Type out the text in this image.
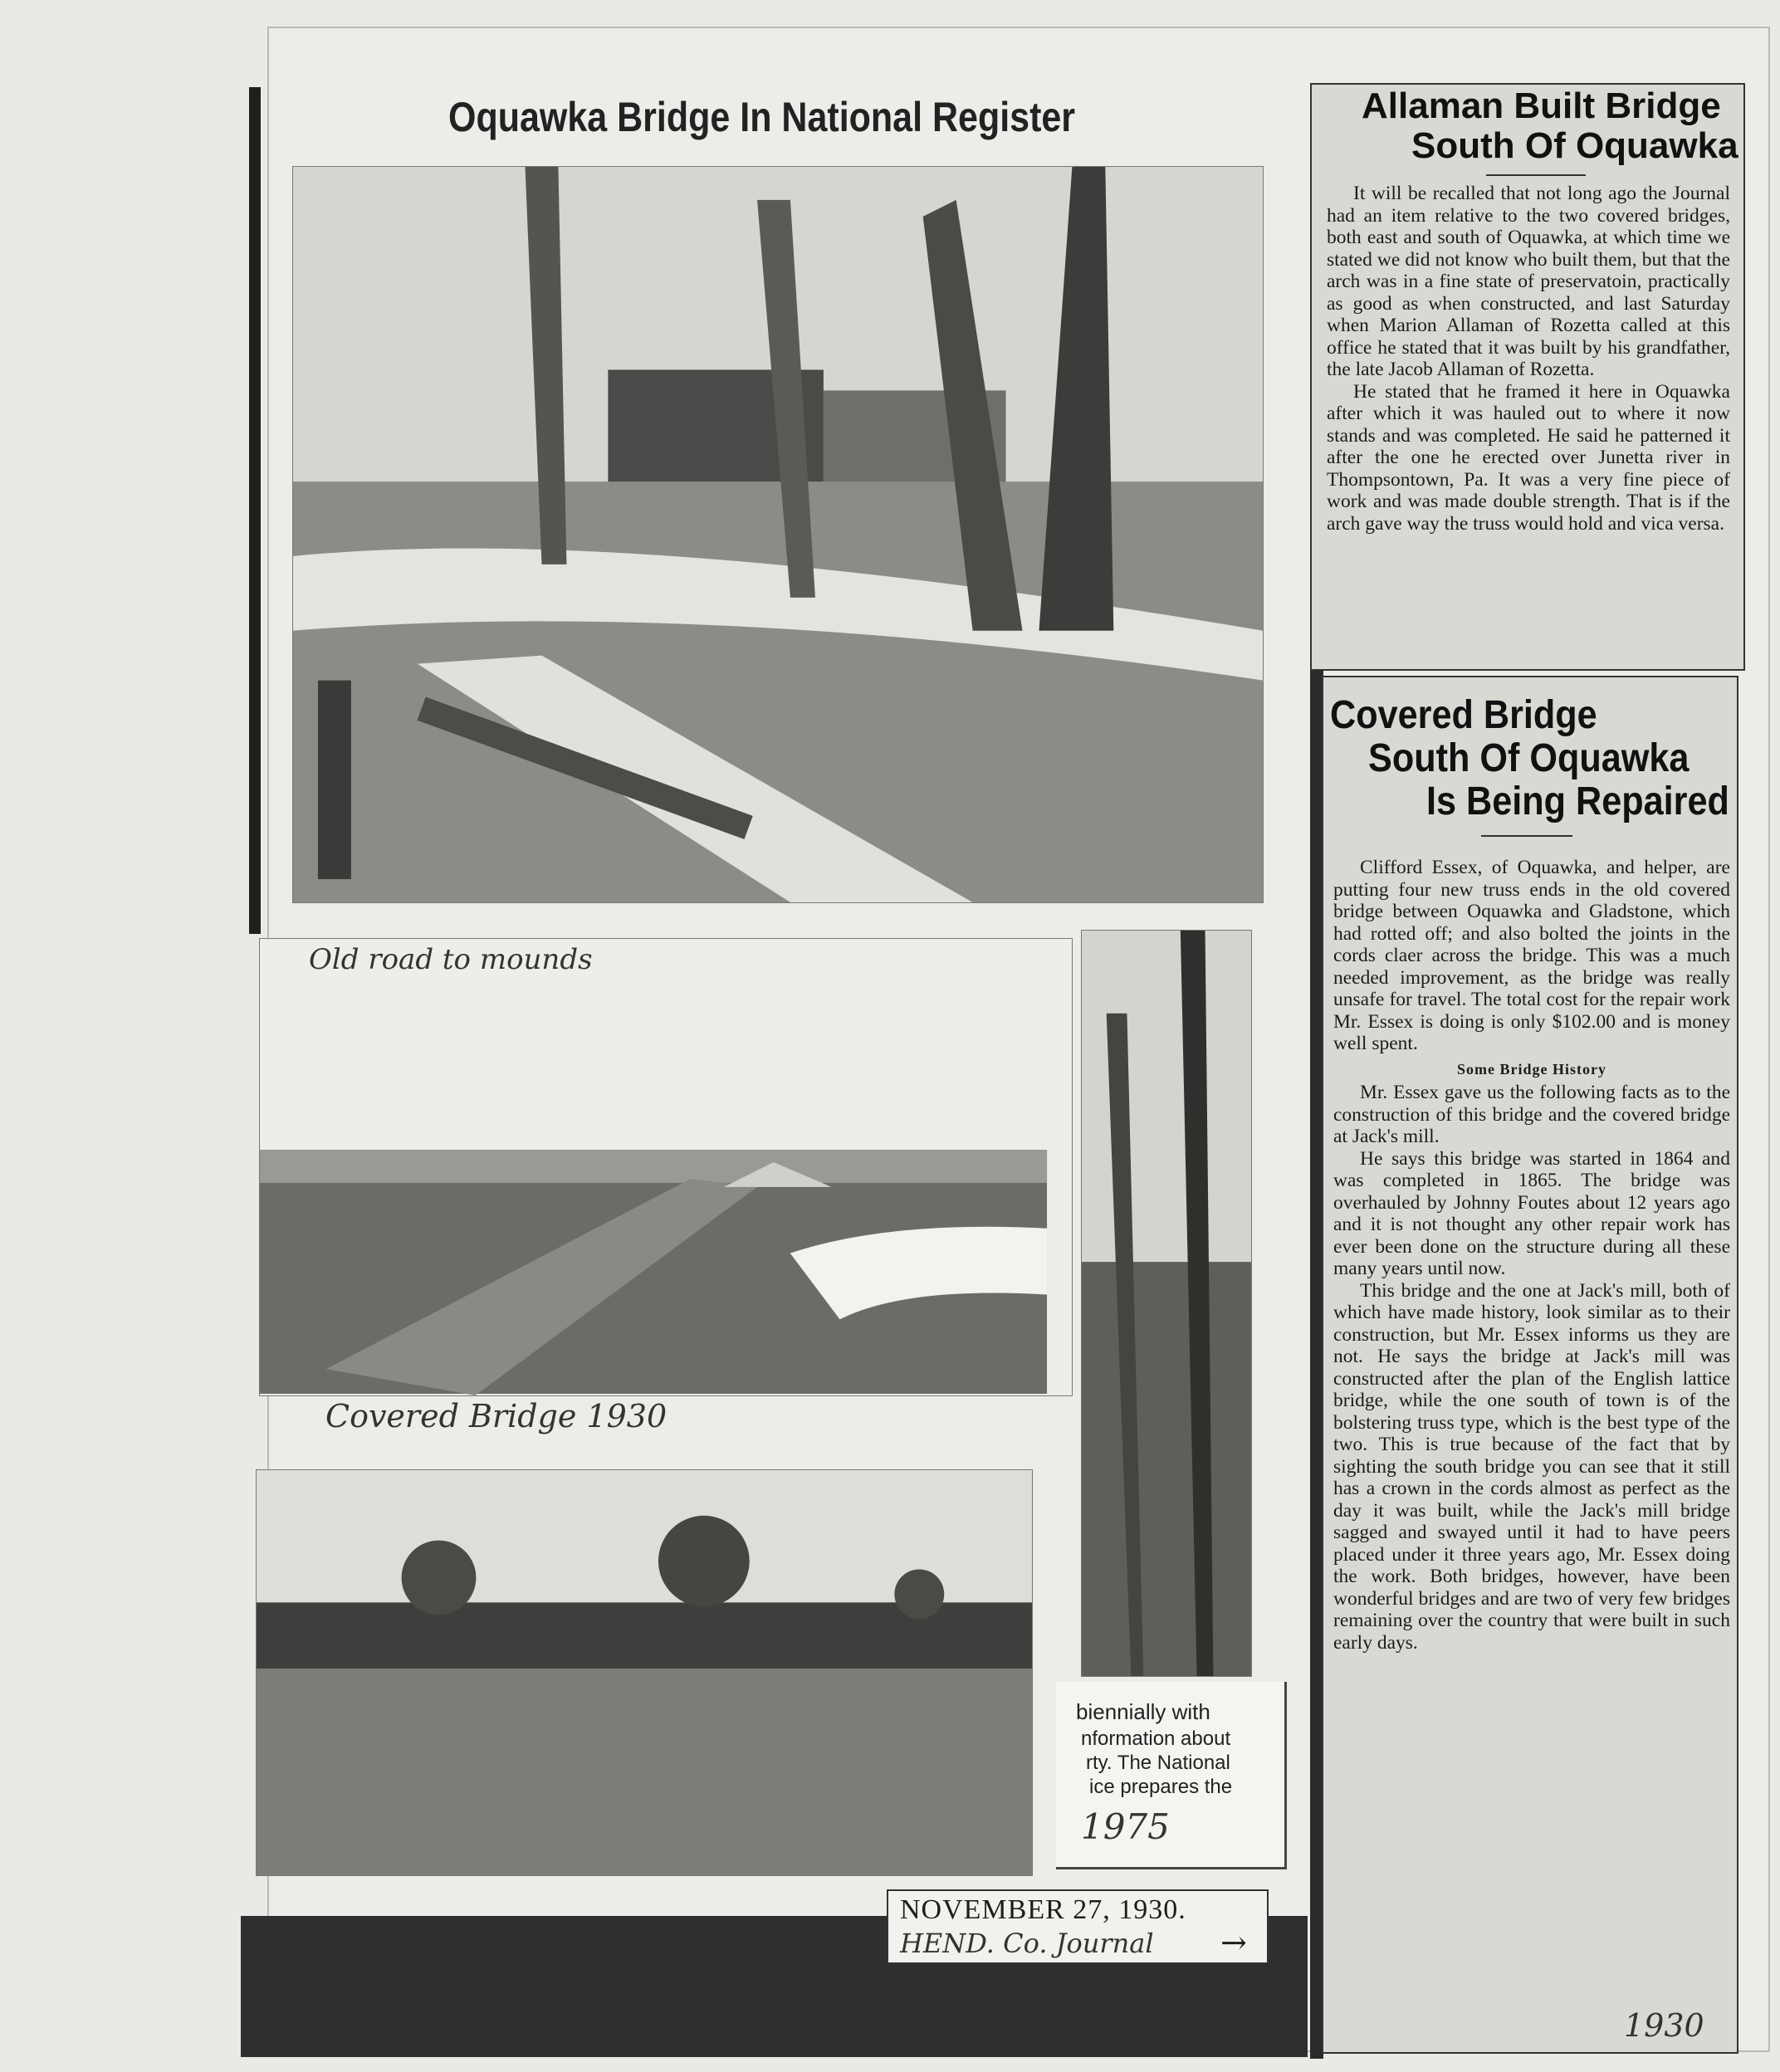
Oquawka Bridge In National Register
Old road to mounds
Covered Bridge 1930
biennially with
nformation about
rty. The National
ice prepares the
1975
NOVEMBER 27, 1930.
HEND. Co. Journal →
Allaman Built Bridge
South Of Oquawka

It will be recalled that not long ago the Journal had an item relative to the two covered bridges, both east and south of Oquawka, at which time we stated we did not know who built them, but that the arch was in a fine state of preservatoin, practically as good as when constructed, and last Saturday when Marion Allaman of Rozetta called at this office he stated that it was built by his grandfather, the late Jacob Allaman of Rozetta.

He stated that he framed it here in Oquawka after which it was hauled out to where it now stands and was completed. He said he patterned it after the one he erected over Junetta river in Thompsontown, Pa. It was a very fine piece of work and was made double strength. That is if the arch gave way the truss would hold and vica versa.

Covered Bridge
South Of Oquawka
Is Being Repaired

Clifford Essex, of Oquawka, and helper, are putting four new truss ends in the old covered bridge between Oquawka and Gladstone, which had rotted off; and also bolted the joints in the cords claer across the bridge. This was a much needed improvement, as the bridge was really unsafe for travel. The total cost for the repair work Mr. Essex is doing is only $102.00 and is money well spent.

Some Bridge History

Mr. Essex gave us the following facts as to the construction of this bridge and the covered bridge at Jack's mill.

He says this bridge was started in 1864 and was completed in 1865. The bridge was overhauled by Johnny Foutes about 12 years ago and it is not thought any other repair work has ever been done on the structure during all these many years until now.

This bridge and the one at Jack's mill, both of which have made history, look similar as to their construction, but Mr. Essex informs us they are not. He says the bridge at Jack's mill was constructed after the plan of the English lattice bridge, while the one south of town is of the bolstering truss type, which is the best type of the two. This is true because of the fact that by sighting the south bridge you can see that it still has a crown in the cords almost as perfect as the day it was built, while the Jack's mill bridge sagged and swayed until it had to have peers placed under it three years ago, Mr. Essex doing the work. Both bridges, however, have been wonderful bridges and are two of very few bridges remaining over the country that were built in such early days.

1930
